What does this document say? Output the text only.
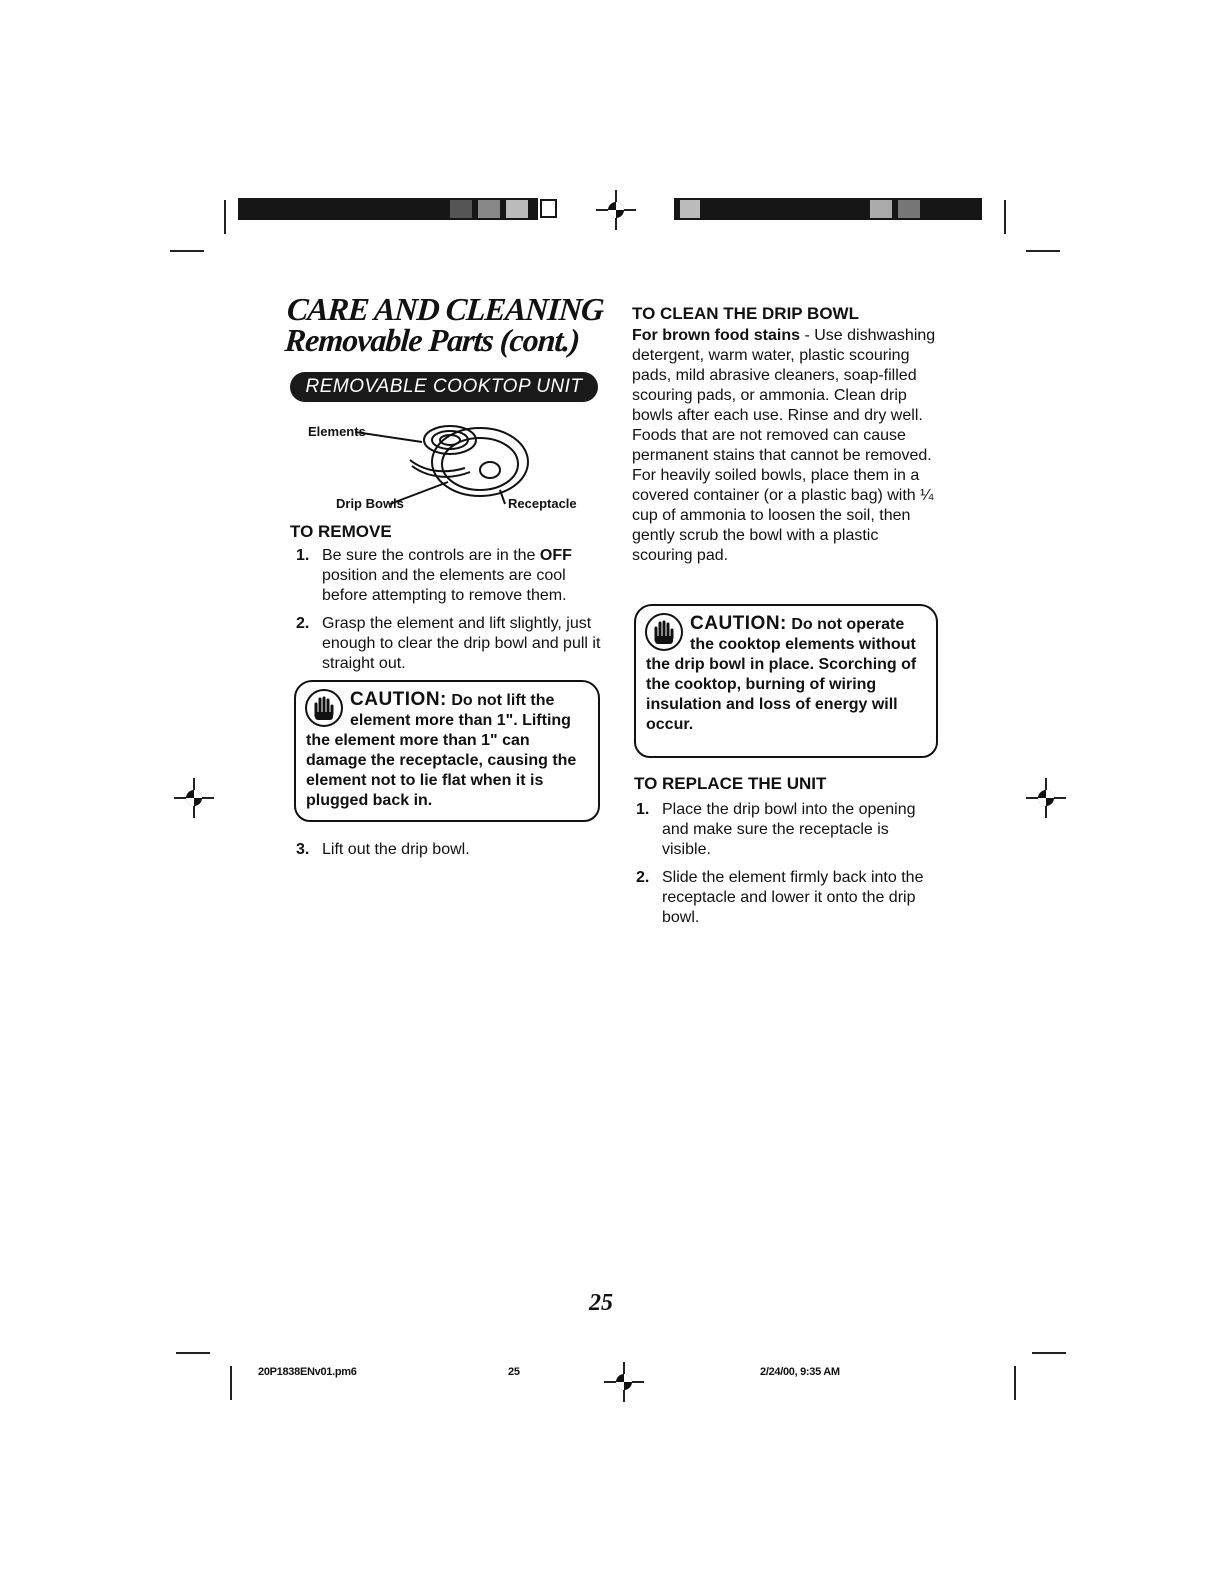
CARE AND CLEANING
Removable Parts (cont.)
REMOVABLE COOKTOP UNIT
Elements
Drip Bowls	Receptacle
TO REMOVE
1. Be sure the controls are in the OFF position and the elements are cool before attempting to remove them.
2. Grasp the element and lift slightly, just enough to clear the drip bowl and pull it straight out.
CAUTION: Do not lift the element more than 1". Lifting the element more than 1" can damage the receptacle, causing the element not to lie flat when it is plugged back in.
3. Lift out the drip bowl.
TO CLEAN THE DRIP BOWL
For brown food stains - Use dishwashing detergent, warm water, plastic scouring pads, mild abrasive cleaners, soap-filled scouring pads, or ammonia. Clean drip bowls after each use. Rinse and dry well. Foods that are not removed can cause permanent stains that cannot be removed. For heavily soiled bowls, place them in a covered container (or a plastic bag) with ¼ cup of ammonia to loosen the soil, then gently scrub the bowl with a plastic scouring pad.
CAUTION: Do not operate the cooktop elements without the drip bowl in place. Scorching of the cooktop, burning of wiring insulation and loss of energy will occur.
TO REPLACE THE UNIT
1. Place the drip bowl into the opening and make sure the receptacle is visible.
2. Slide the element firmly back into the receptacle and lower it onto the drip bowl.
25
20P1838ENv01.pm6	25	2/24/00, 9:35 AM
